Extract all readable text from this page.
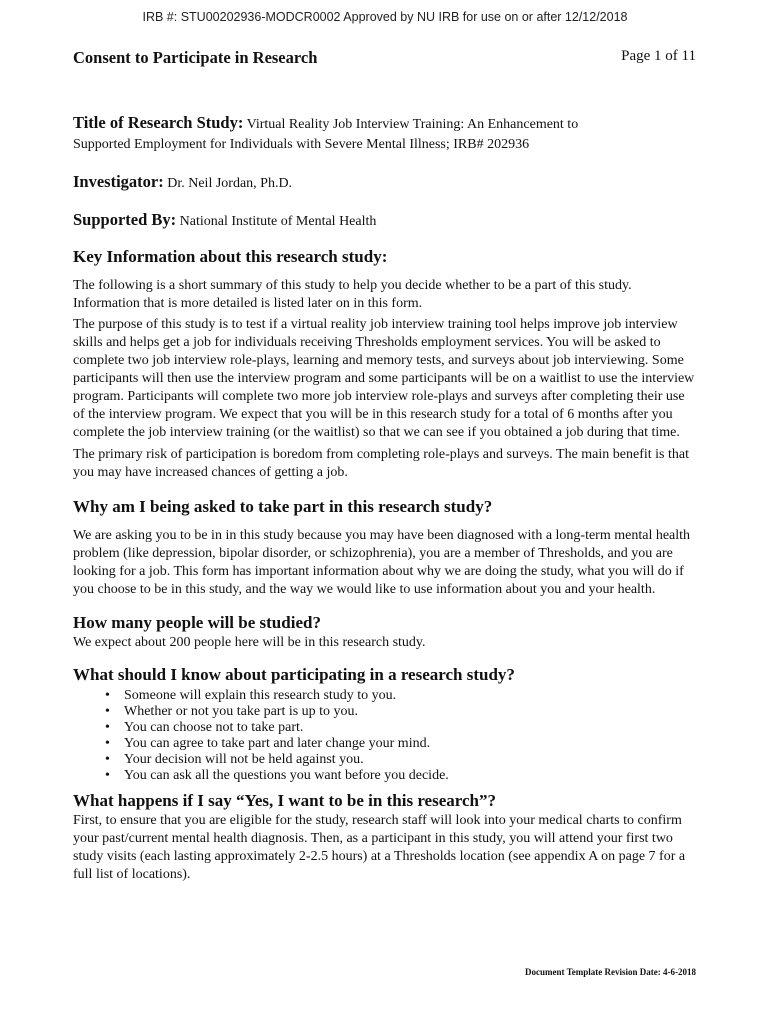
IRB #: STU00202936-MODCR0002 Approved by NU IRB for use on or after 12/12/2018
Consent to Participate in Research	Page 1 of 11
Title of Research Study: Virtual Reality Job Interview Training: An Enhancement to
Supported Employment for Individuals with Severe Mental Illness; IRB# 202936
Investigator: Dr. Neil Jordan, Ph.D.
Supported By: National Institute of Mental Health
Key Information about this research study:

The following is a short summary of this study to help you decide whether to be a part of this study. Information that is more detailed is listed later on in this form.

The purpose of this study is to test if a virtual reality job interview training tool helps improve job interview skills and helps get a job for individuals receiving Thresholds employment services. You will be asked to complete two job interview role-plays, learning and memory tests, and surveys about job interviewing. Some participants will then use the interview program and some participants will be on a waitlist to use the interview program. Participants will complete two more job interview role-plays and surveys after completing their use of the interview program. We expect that you will be in this research study for a total of 6 months after you complete the job interview training (or the waitlist) so that we can see if you obtained a job during that time.

The primary risk of participation is boredom from completing role-plays and surveys. The main benefit is that you may have increased chances of getting a job.

Why am I being asked to take part in this research study?

We are asking you to be in in this study because you may have been diagnosed with a long-term mental health problem (like depression, bipolar disorder, or schizophrenia), you are a member of Thresholds, and you are looking for a job. This form has important information about why we are doing the study, what you will do if you choose to be in this study, and the way we would like to use information about you and your health.

How many people will be studied?

We expect about 200 people here will be in this research study.

What should I know about participating in a research study?
• Someone will explain this research study to you.
• Whether or not you take part is up to you.
• You can choose not to take part.
• You can agree to take part and later change your mind.
• Your decision will not be held against you.
• You can ask all the questions you want before you decide.
What happens if I say “Yes, I want to be in this research”?

First, to ensure that you are eligible for the study, research staff will look into your medical charts to confirm your past/current mental health diagnosis. Then, as a participant in this study, you will attend your first two study visits (each lasting approximately 2-2.5 hours) at a Thresholds location (see appendix A on page 7 for a full list of locations).

Document Template Revision Date: 4-6-2018
